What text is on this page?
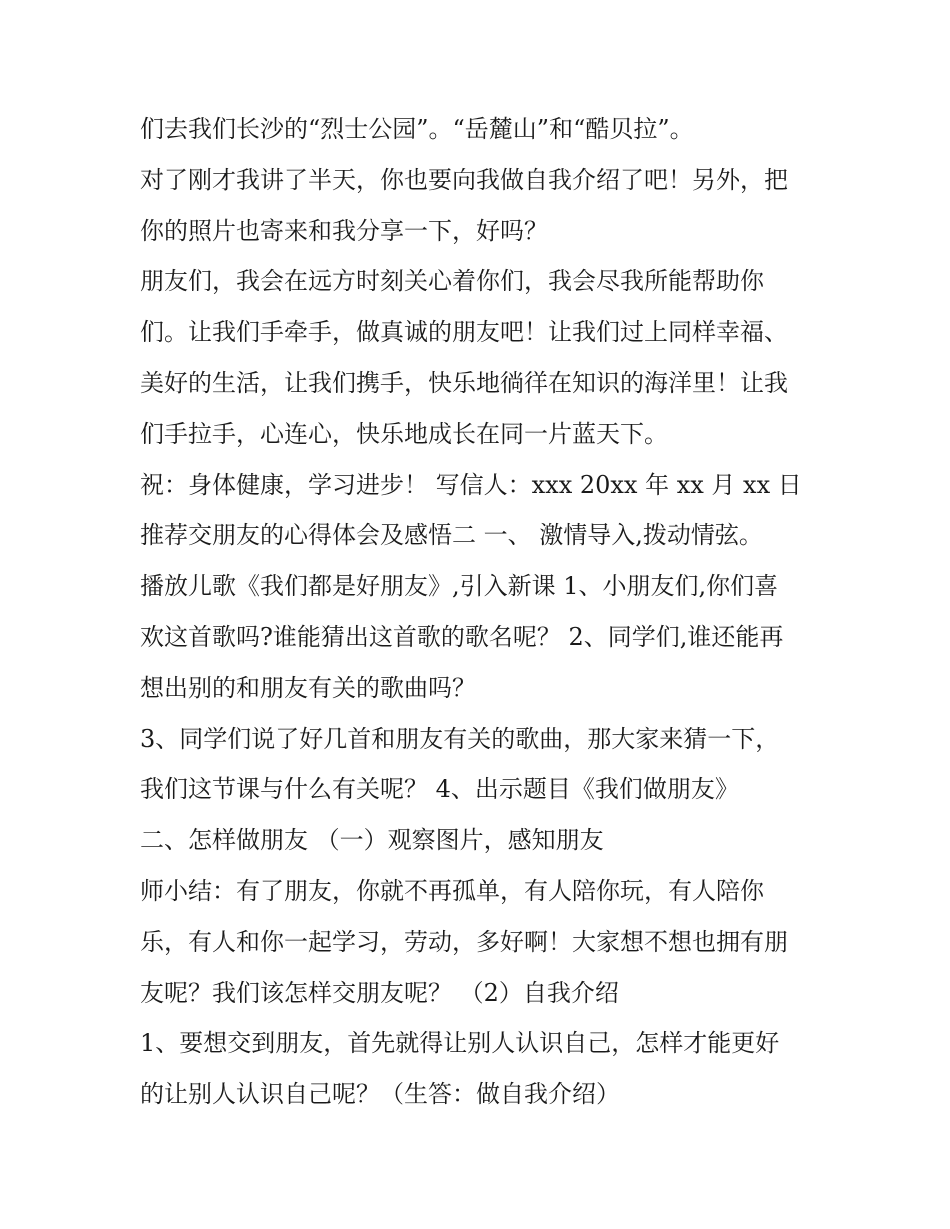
们去我们长沙的“烈士公园”。“岳麓山”和“酷贝拉”。

对了刚才我讲了半天，你也要向我做自我介绍了吧！另外，把

你的照片也寄来和我分享一下，好吗？

朋友们，我会在远方时刻关心着你们，我会尽我所能帮助你

们。让我们手牵手，做真诚的朋友吧！让我们过上同样幸福、

美好的生活，让我们携手，快乐地徜徉在知识的海洋里！让我

们手拉手，心连心，快乐地成长在同一片蓝天下。

祝：身体健康，学习进步！ 写信人：xxx 20xx 年 xx 月 xx 日

推荐交朋友的心得体会及感悟二 一、 激情导入,拨动情弦。

播放儿歌《我们都是好朋友》,引入新课 1、小朋友们,你们喜

欢这首歌吗?谁能猜出这首歌的歌名呢？ 2、同学们,谁还能再

想出别的和朋友有关的歌曲吗？

3、同学们说了好几首和朋友有关的歌曲，那大家来猜一下，

我们这节课与什么有关呢？ 4、出示题目《我们做朋友》

二、怎样做朋友 （一）观察图片，感知朋友

师小结：有了朋友，你就不再孤单，有人陪你玩，有人陪你

乐，有人和你一起学习，劳动，多好啊！大家想不想也拥有朋

友呢？我们该怎样交朋友呢？ （2）自我介绍

1、要想交到朋友，首先就得让别人认识自己，怎样才能更好

的让别人认识自己呢？（生答：做自我介绍）
